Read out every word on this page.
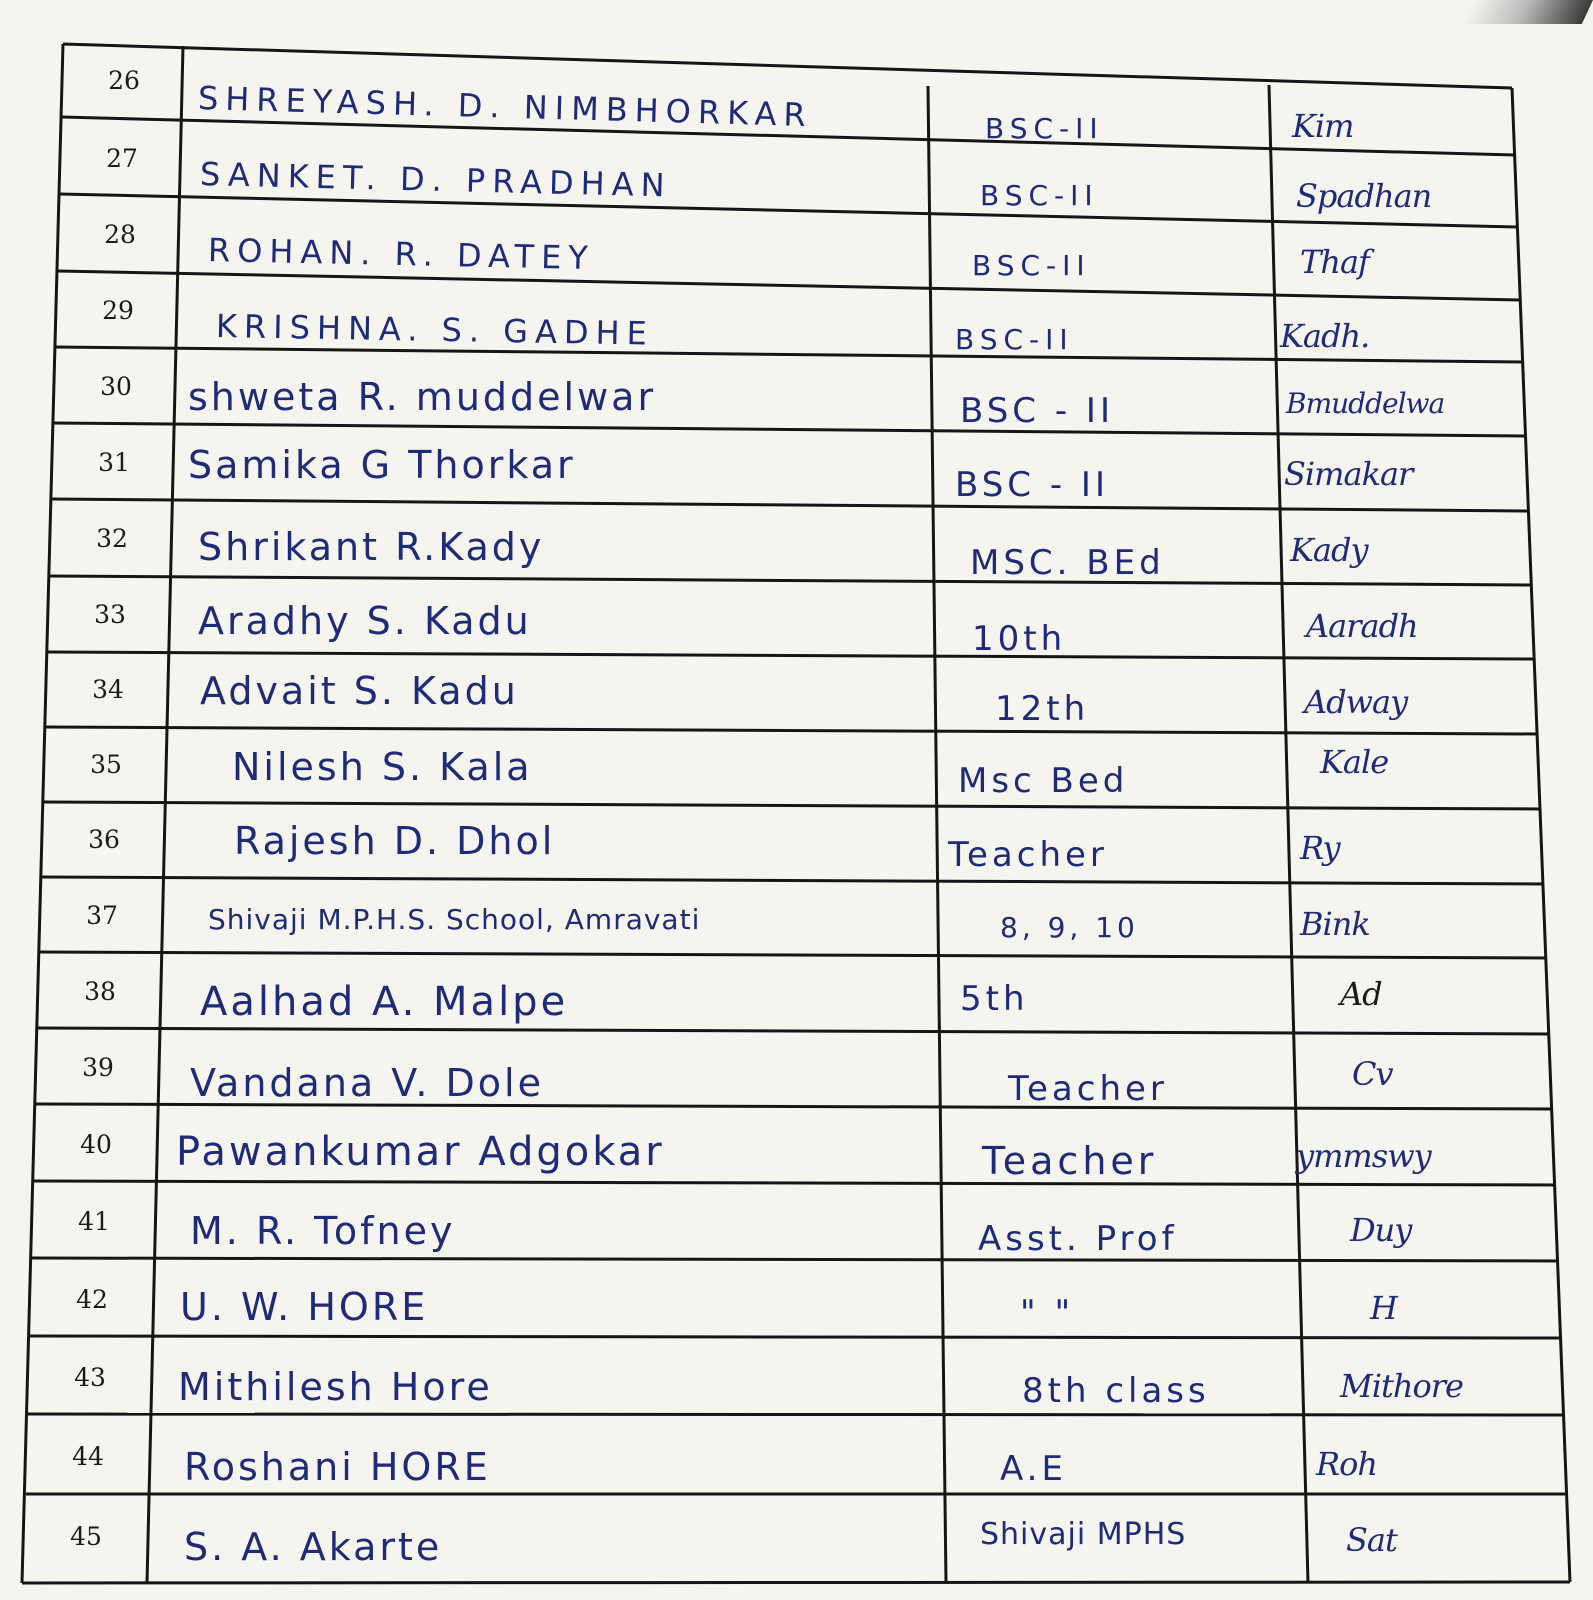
26
27
28
29
30
31
32
33
34
35
36
37
38
39
40
41
42
43
44
45
SHREYASH. D. NIMBHORKAR
SANKET. D. PRADHAN
ROHAN. R. DATEY
KRISHNA. S. GADHE
shweta R. muddelwar
Samika G Thorkar
Shrikant R.Kady
Aradhy S. Kadu
Advait S. Kadu
Nilesh S. Kala
Rajesh D. Dhol
Shivaji M.P.H.S. School, Amravati
Aalhad A. Malpe
Vandana V. Dole
Pawankumar Adgokar
M. R. Tofney
U. W. HORE
Mithilesh Hore
Roshani HORE
S. A. Akarte
BSC-II
BSC-II
BSC-II
BSC-II
BSC - II
BSC - II
MSC. BEd
10th
12th
Msc Bed
Teacher
8, 9, 10
5th
Teacher
Teacher
Asst. Prof
" "
8th class
A.E
Shivaji MPHS
Kim
Spadhan
Thaf
Kadh.
Bmuddelwa
Simakar
Kady
Aaradh
Adway
Kale
Ry
Bink
Ad
Cv
ymmswy
Duy
H
Mithore
Roh
Sat
